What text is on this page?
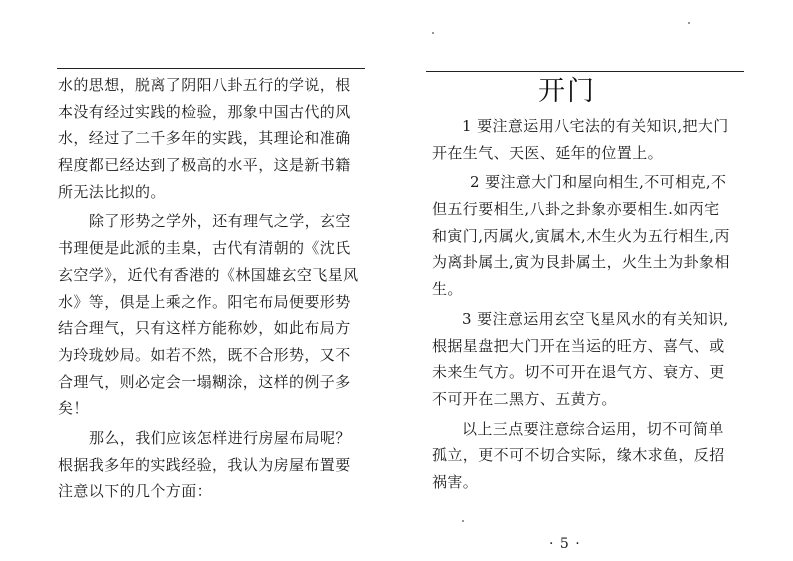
水的思想，脱离了阴阳八卦五行的学说，根
本没有经过实践的检验，那象中国古代的风
水，经过了二千多年的实践，其理论和准确
程度都已经达到了极高的水平，这是新书籍
所无法比拟的。
除了形势之学外，还有理气之学，玄空
书理便是此派的圭臬，古代有清朝的《沈氏
玄空学》，近代有香港的《林国雄玄空飞星风
水》等，俱是上乘之作。阳宅布局便要形势
结合理气，只有这样方能称妙，如此布局方
为玲珑妙局。如若不然，既不合形势，又不
合理气，则必定会一塌糊涂，这样的例子多
矣！
那么，我们应该怎样进行房屋布局呢？
根据我多年的实践经验，我认为房屋布置要
注意以下的几个方面：
开门
1 要注意运用八宅法的有关知识,把大门
开在生气、天医、延年的位置上。
2 要注意大门和屋向相生,不可相克,不
但五行要相生,八卦之卦象亦要相生.如丙宅
和寅门,丙属火,寅属木,木生火为五行相生,丙
为离卦属土,寅为艮卦属土，火生土为卦象相
生。
3 要注意运用玄空飞星风水的有关知识,
根据星盘把大门开在当运的旺方、喜气、或
未来生气方。切不可开在退气方、衰方、更
不可开在二黑方、五黄方。
以上三点要注意综合运用，切不可简单
孤立，更不可不切合实际，缘木求鱼，反招
祸害。
· 5 ·
